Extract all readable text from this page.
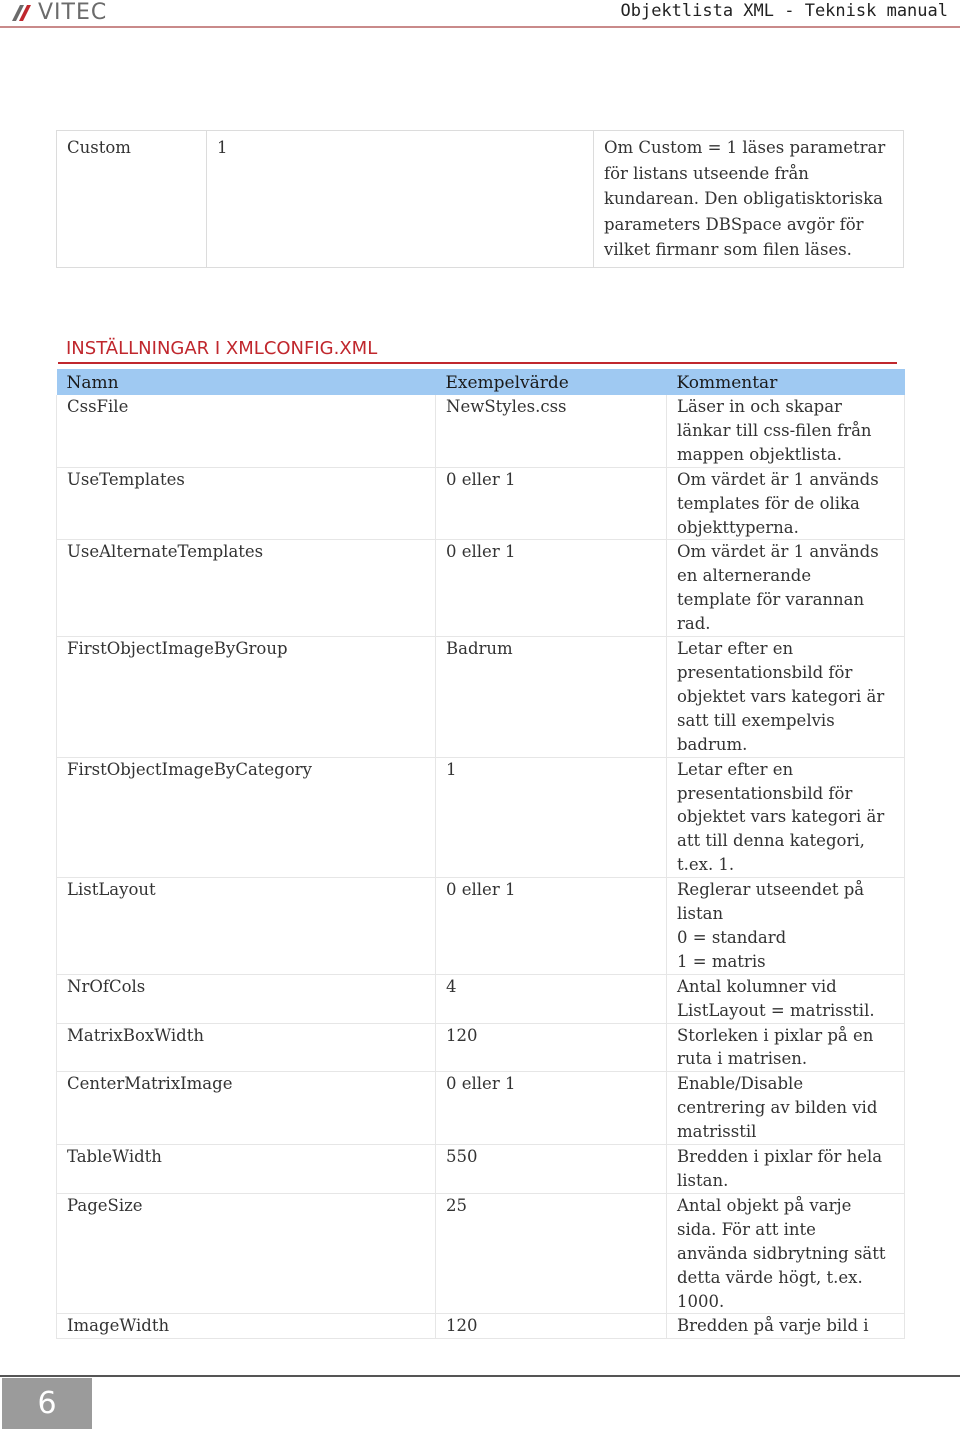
VITEC	Objektlista XML - Teknisk manual
Custom	1	Om Custom = 1 läses parametrar
för listans utseende från
kundarean. Den obligatisktoriska
parameters DBSpace avgör för
vilket firmanr som filen läses.
INSTÄLLNINGAR I XMLCONFIG.XML
Namn	Exempelvärde	Kommentar
CssFile	NewStyles.css	Läser in och skapar
länkar till css-filen från
mappen objektlista.

UseTemplates	0 eller 1	Om värdet är 1 används
templates för de olika
objekttyperna.

UseAlternateTemplates	0 eller 1	Om värdet är 1 används
en alternerande
template för varannan
rad.

FirstObjectImageByGroup	Badrum	Letar efter en
presentationsbild för
objektet vars kategori är
satt till exempelvis
badrum.

FirstObjectImageByCategory	1	Letar efter en
presentationsbild för
objektet vars kategori är
att till denna kategori,
t.ex. 1.

ListLayout	0 eller 1	Reglerar utseendet på
listan
0 = standard
1 = matris

NrOfCols	4	Antal kolumner vid
ListLayout = matrisstil.

MatrixBoxWidth	120	Storleken i pixlar på en
ruta i matrisen.

CenterMatrixImage	0 eller 1	Enable/Disable
centrering av bilden vid
matrisstil

TableWidth	550	Bredden i pixlar för hela
listan.

PageSize	25	Antal objekt på varje
sida. För att inte
använda sidbrytning sätt
detta värde högt, t.ex.
1000.

ImageWidth	120	Bredden på varje bild i
6
